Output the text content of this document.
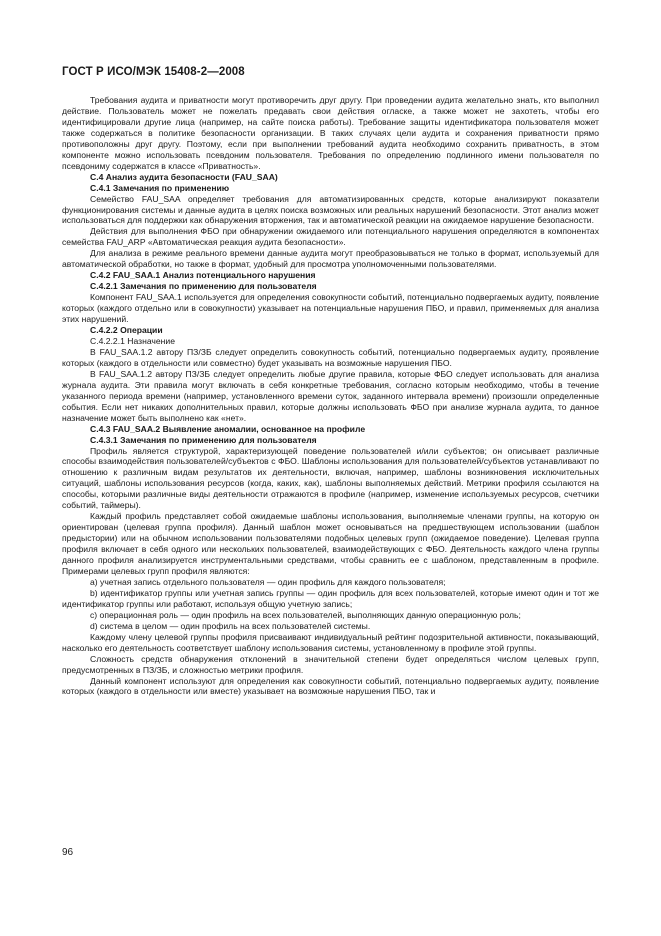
ГОСТ Р ИСО/МЭК 15408-2—2008

Требования аудита и приватности могут противоречить друг другу. При проведении аудита желательно знать, кто выполнил действие. Пользователь может не пожелать предавать свои действия огласке, а также может не захотеть, чтобы его идентифицировали другие лица (например, на сайте поиска работы). Требование защиты идентификатора пользователя может также содержаться в политике безопасности организации. В таких случаях цели аудита и сохранения приватности прямо противоположны друг другу. Поэтому, если при выполнении требований аудита необходимо сохранить приватность, в этом компоненте можно использовать псевдоним пользователя. Требования по определению подлинного имени пользователя по псевдониму содержатся в классе «Приватность».

С.4 Анализ аудита безопасности (FAU_SAA)

С.4.1 Замечания по применению

Семейство FAU_SAA определяет требования для автоматизированных средств, которые анализируют показатели функционирования системы и данные аудита в целях поиска возможных или реальных нарушений безопасности. Этот анализ может использоваться для поддержки как обнаружения вторжения, так и автоматической реакции на ожидаемое нарушение безопасности.

Действия для выполнения ФБО при обнаружении ожидаемого или потенциального нарушения определяются в компонентах семейства FAU_ARP «Автоматическая реакция аудита безопасности».

Для анализа в режиме реального времени данные аудита могут преобразовываться не только в формат, используемый для автоматической обработки, но также в формат, удобный для просмотра уполномоченными пользователями.

С.4.2 FAU_SAA.1 Анализ потенциального нарушения

С.4.2.1 Замечания по применению для пользователя

Компонент FAU_SAA.1 используется для определения совокупности событий, потенциально подвергаемых аудиту, появление которых (каждого отдельно или в совокупности) указывает на потенциальные нарушения ПБО, и правил, применяемых для анализа этих нарушений.

С.4.2.2 Операции

С.4.2.2.1 Назначение

В FAU_SAA.1.2 автору ПЗ/ЗБ следует определить совокупность событий, потенциально подвергаемых аудиту, проявление которых (каждого в отдельности или совместно) будет указывать на возможные нарушения ПБО.

В FAU_SAA.1.2 автору ПЗ/ЗБ следует определить любые другие правила, которые ФБО следует использовать для анализа журнала аудита. Эти правила могут включать в себя конкретные требования, согласно которым необходимо, чтобы в течение указанного периода времени (например, установленного времени суток, заданного интервала времени) произошли определенные события. Если нет никаких дополнительных правил, которые должны использовать ФБО при анализе журнала аудита, то данное назначение может быть выполнено как «нет».

С.4.3 FAU_SAA.2 Выявление аномалии, основанное на профиле

С.4.3.1 Замечания по применению для пользователя

Профиль является структурой, характеризующей поведение пользователей и/или субъектов; он описывает различные способы взаимодействия пользователей/субъектов с ФБО. Шаблоны использования для пользователей/субъектов устанавливают по отношению к различным видам результатов их деятельности, включая, например, шаблоны возникновения исключительных ситуаций, шаблоны использования ресурсов (когда, каких, как), шаблоны выполняемых действий. Метрики профиля ссылаются на способы, которыми различные виды деятельности отражаются в профиле (например, изменение используемых ресурсов, счетчики событий, таймеры).

Каждый профиль представляет собой ожидаемые шаблоны использования, выполняемые членами группы, на которую он ориентирован (целевая группа профиля). Данный шаблон может основываться на предшествующем использовании (шаблон предыстории) или на обычном использовании пользователями подобных целевых групп (ожидаемое поведение). Целевая группа профиля включает в себя одного или нескольких пользователей, взаимодействующих с ФБО. Деятельность каждого члена группы данного профиля анализируется инструментальными средствами, чтобы сравнить ее с шаблоном, представленным в профиле. Примерами целевых групп профиля являются:

а) учетная запись отдельного пользователя — один профиль для каждого пользователя;

b) идентификатор группы или учетная запись группы — один профиль для всех пользователей, которые имеют один и тот же идентификатор группы или работают, используя общую учетную запись;

с) операционная роль — один профиль на всех пользователей, выполняющих данную операционную роль;

d) система в целом — один профиль на всех пользователей системы.

Каждому члену целевой группы профиля присваивают индивидуальный рейтинг подозрительной активности, показывающий, насколько его деятельность соответствует шаблону использования системы, установленному в профиле этой группы.

Сложность средств обнаружения отклонений в значительной степени будет определяться числом целевых групп, предусмотренных в ПЗ/ЗБ, и сложностью метрики профиля.

Данный компонент используют для определения как совокупности событий, потенциально подвергаемых аудиту, появление которых (каждого в отдельности или вместе) указывает на возможные нарушения ПБО, так и

96
